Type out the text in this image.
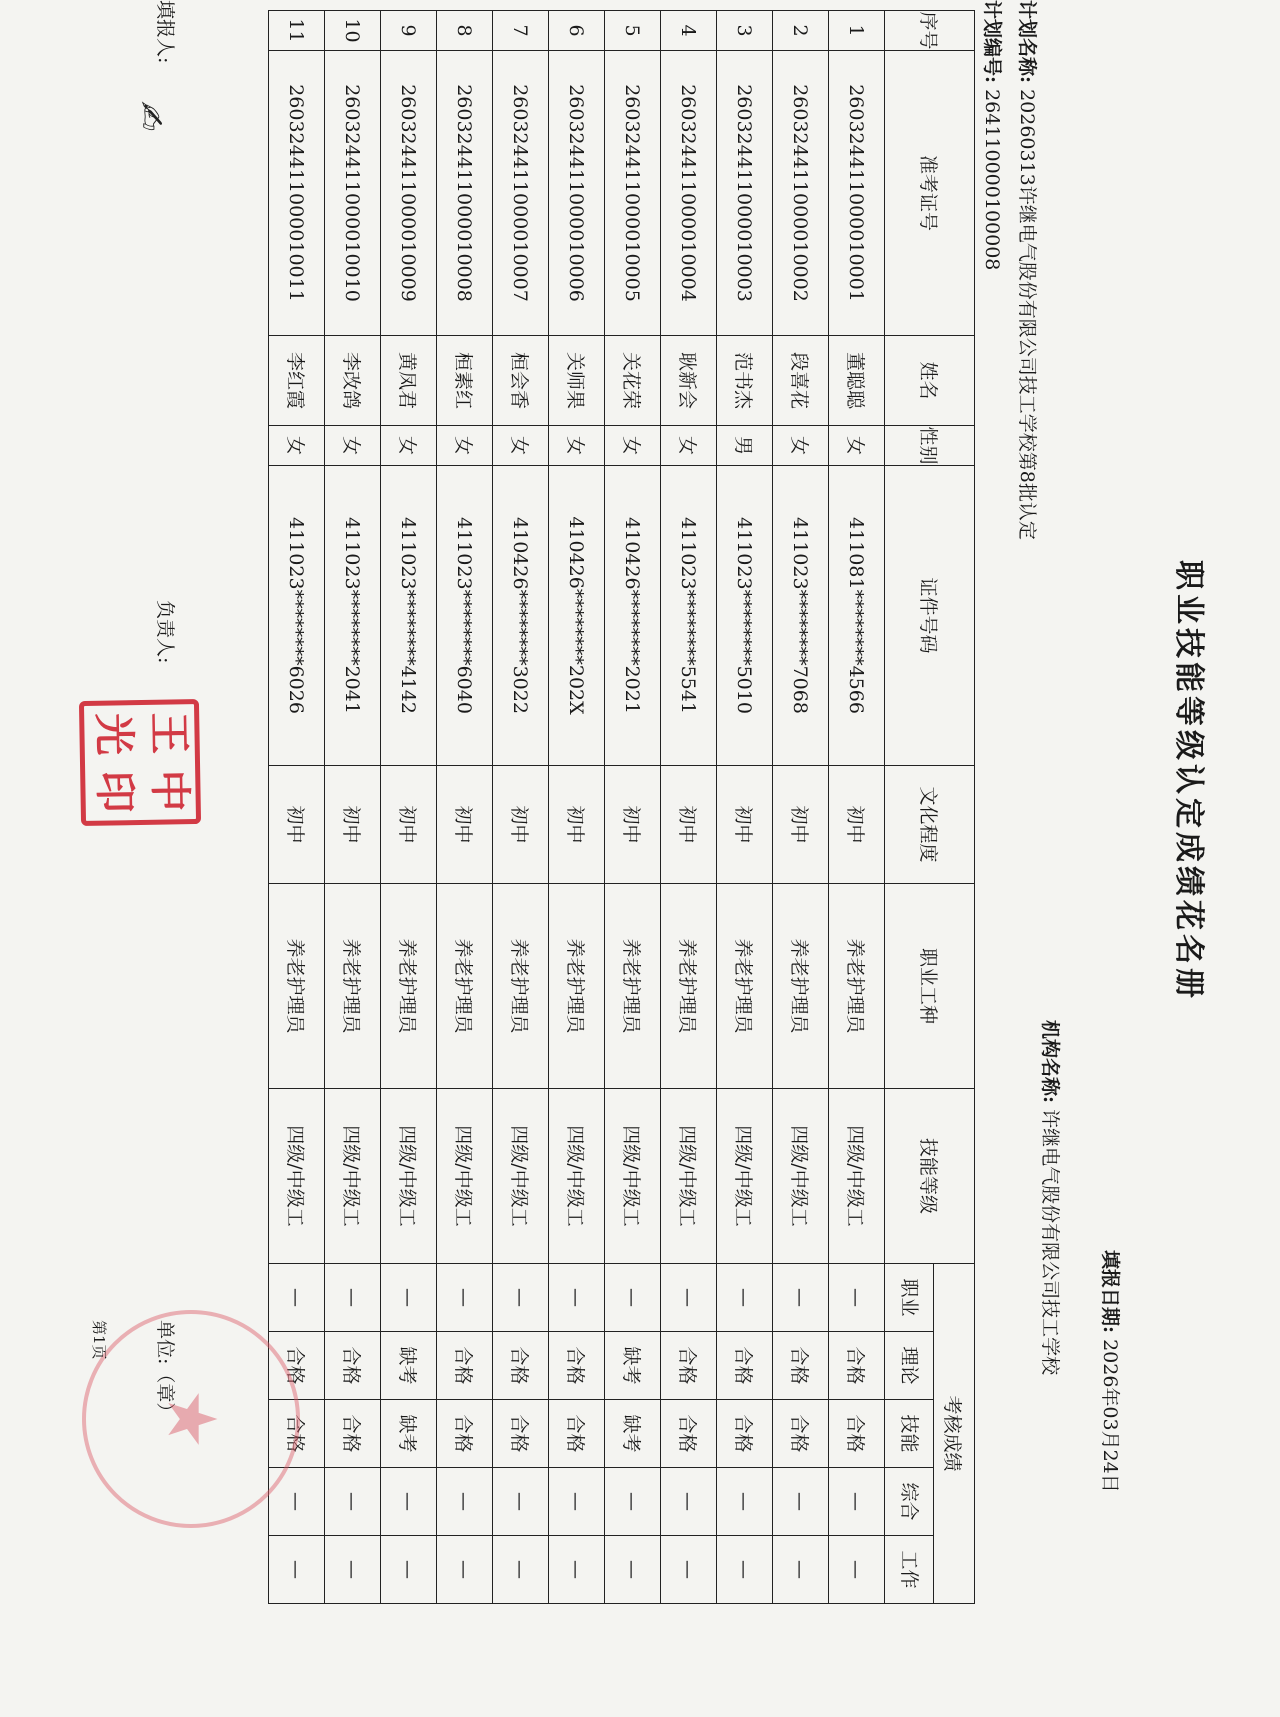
职业技能等级认定成绩花名册
填报日期: 2026年03月24日
计划名称: 20260313许继电气股份有限公司技工学校第8批认定
机构名称: 许继电气股份有限公司技工学校
计划编号: 264110000100008
序号	准考证号	姓名	性别	证件号码	文化程度	职业工种	技能等级	考核成绩				
								职业	理论	技能	综合	工作
1	260324411000010001	董聪聪	女	411081********4566	初中	养老护理员	四级/中级工	—	合格	合格	—	—
2	260324411000010002	段喜花	女	411023********7068	初中	养老护理员	四级/中级工	—	合格	合格	—	—
3	260324411000010003	范书杰	男	411023********5010	初中	养老护理员	四级/中级工	—	合格	合格	—	—
4	260324411000010004	耿新会	女	411023********5541	初中	养老护理员	四级/中级工	—	合格	合格	—	—
5	260324411000010005	关花荣	女	410426********2021	初中	养老护理员	四级/中级工	—	缺考	缺考	—	—
6	260324411000010006	关师果	女	410426********202X	初中	养老护理员	四级/中级工	—	合格	合格	—	—
7	260324411000010007	桓会香	女	410426********3022	初中	养老护理员	四级/中级工	—	合格	合格	—	—
8	260324411000010008	桓素红	女	411023********6040	初中	养老护理员	四级/中级工	—	合格	合格	—	—
9	260324411000010009	黄凤君	女	411023********4142	初中	养老护理员	四级/中级工	—	缺考	缺考	—	—
10	260324411000010010	李改鸽	女	411023********2041	初中	养老护理员	四级/中级工	—	合格	合格	—	—
11	260324411000010011	李红霞	女	411023********6026	初中	养老护理员	四级/中级工	—	合格	合格	—	—
填报人:
✍︎
负责人:
王
中
光
印
单位:（章）
★
第1页
